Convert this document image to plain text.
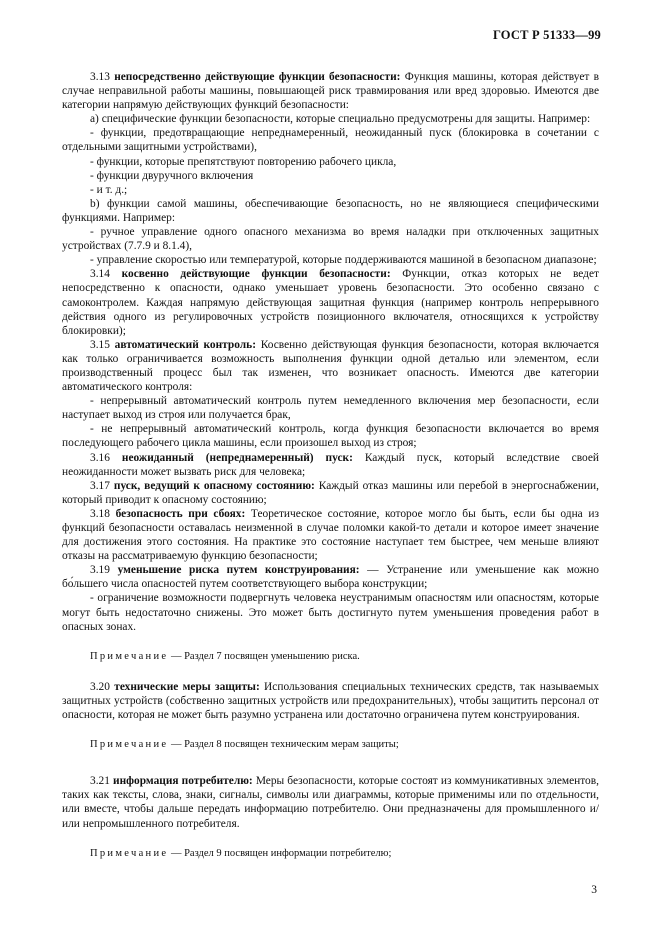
ГОСТ Р 51333—99

3.13 непосредственно действующие функции безопасности: Функция машины, которая действует в случае неправильной работы машины, повышающей риск травмирования или вред здоровью. Имеются две категории напрямую действующих функций безопасности:

а) специфические функции безопасности, которые специально предусмотрены для защиты. Например:

- функции, предотвращающие непреднамеренный, неожиданный пуск (блокировка в сочетании с отдельными защитными устройствами),

- функции, которые препятствуют повторению рабочего цикла,

- функции двуручного включения

- и т. д.;

b) функции самой машины, обеспечивающие безопасность, но не являющиеся специфическими функциями. Например:

- ручное управление одного опасного механизма во время наладки при отключенных защитных устройствах (7.7.9 и 8.1.4),

- управление скоростью или температурой, которые поддерживаются машиной в безопасном диапазоне;

3.14 косвенно действующие функции безопасности: Функции, отказ которых не ведет непосредственно к опасности, однако уменьшает уровень безопасности. Это особенно связано с самоконтролем. Каждая напрямую действующая защитная функция (например контроль непрерывного действия одного из регулировочных устройств позиционного включателя, относящихся к устройству блокировки);

3.15 автоматический контроль: Косвенно действующая функция безопасности, которая включается как только ограничивается возможность выполнения функции одной деталью или элементом, если производственный процесс был так изменен, что возникает опасность. Имеются две категории автоматического контроля:

- непрерывный автоматический контроль путем немедленного включения мер безопасности, если наступает выход из строя или получается брак,

- не непрерывный автоматический контроль, когда функция безопасности включается во время последующего рабочего цикла машины, если произошел выход из строя;

3.16 неожиданный (непреднамеренный) пуск: Каждый пуск, который вследствие своей неожиданности может вызвать риск для человека;

3.17 пуск, ведущий к опасному состоянию: Каждый отказ машины или перебой в энергоснабжении, который приводит к опасному состоянию;

3.18 безопасность при сбоях: Теоретическое состояние, которое могло бы быть, если бы одна из функций безопасности оставалась неизменной в случае поломки какой-то детали и которое имеет значение для достижения этого состояния. На практике это состояние наступает тем быстрее, чем меньше влияют отказы на рассматриваемую функцию безопасности;

3.19 уменьшение риска путем конструирования: — Устранение или уменьшение как можно бо́льшего числа опасностей путем соответствующего выбора конструкции;

- ограничение возможности подвергнуть человека неустранимым опасностям или опасностям, которые могут быть недостаточно снижены. Это может быть достигнуто путем уменьшения проведения работ в опасных зонах.

Примечание — Раздел 7 посвящен уменьшению риска.

3.20 технические меры защиты: Использования специальных технических средств, так называемых защитных устройств (собственно защитных устройств или предохранительных), чтобы защитить персонал от опасности, которая не может быть разумно устранена или достаточно ограничена путем конструирования.

Примечание — Раздел 8 посвящен техническим мерам защиты;

3.21 информация потребителю: Меры безопасности, которые состоят из коммуникативных элементов, таких как тексты, слова, знаки, сигналы, символы или диаграммы, которые применимы или по отдельности, или вместе, чтобы дальше передать информацию потребителю. Они предназначены для промышленного и/или непромышленного потребителя.

Примечание — Раздел 9 посвящен информации потребителю;

3
